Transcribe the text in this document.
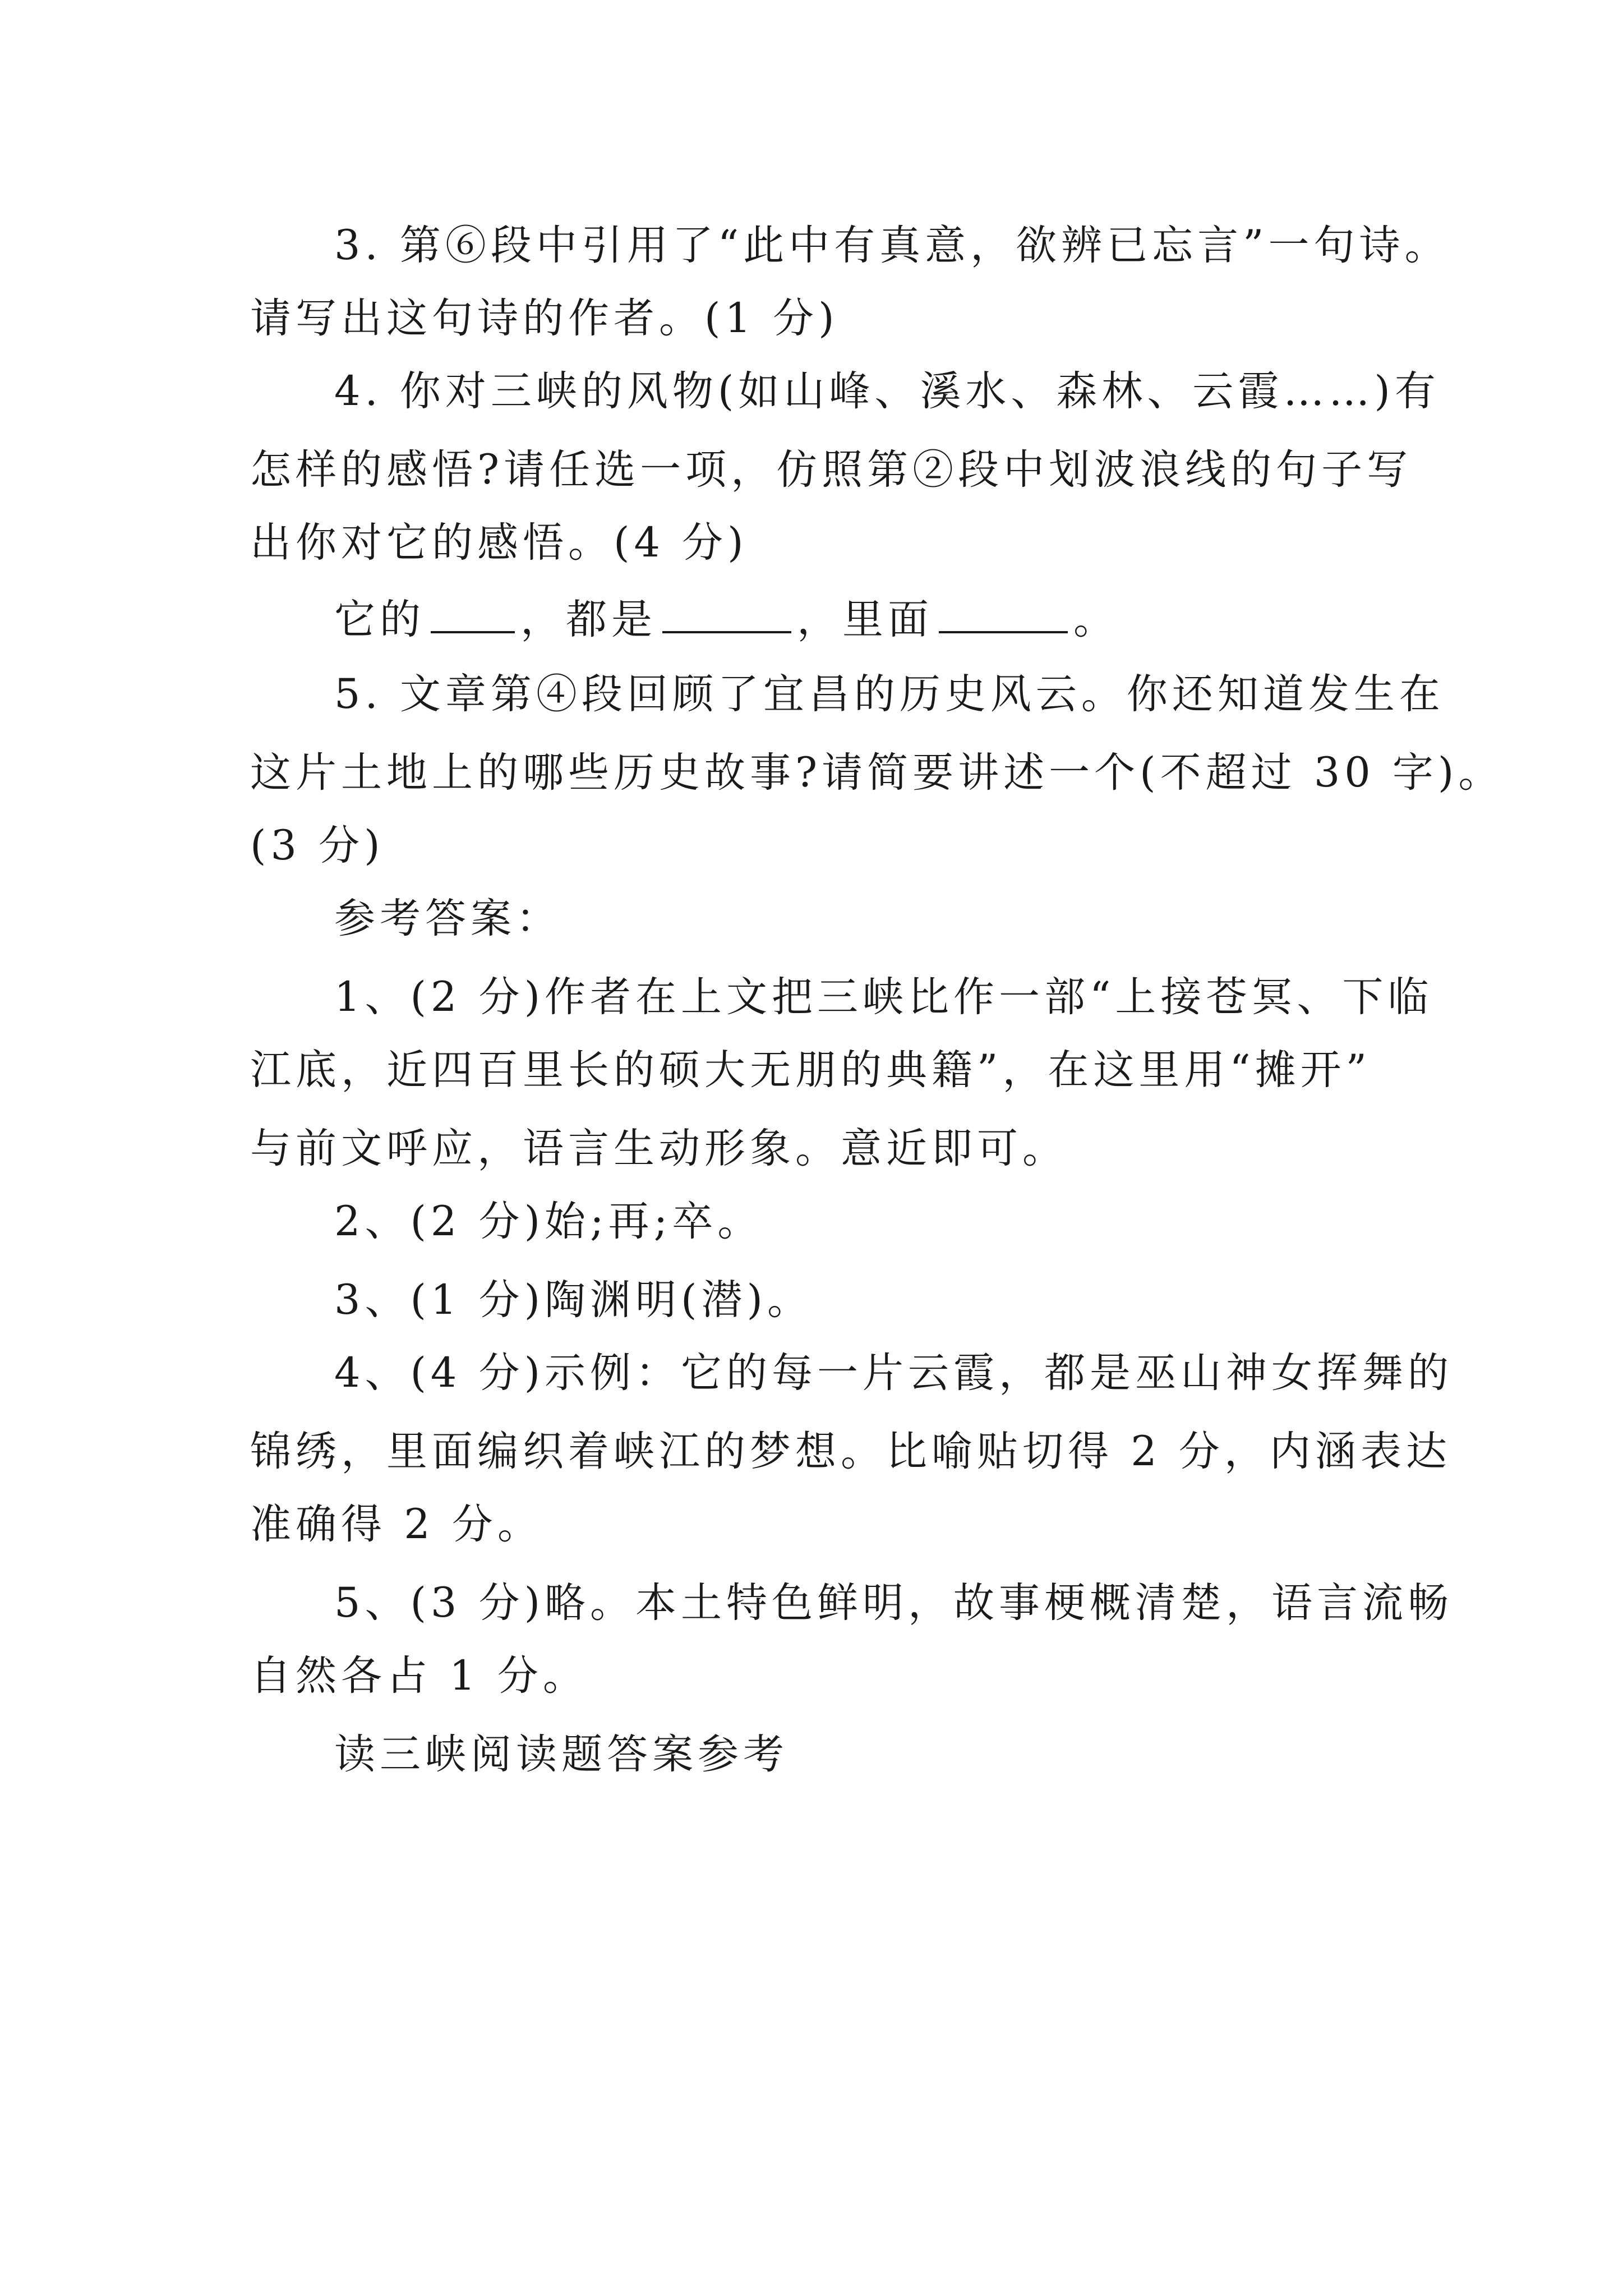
3. 第⑥段中引用了“此中有真意，欲辨已忘言”一句诗。
请写出这句诗的作者。(1 分)
4. 你对三峡的风物(如山峰、溪水、森林、云霞……)有
怎样的感悟?请任选一项，仿照第②段中划波浪线的句子写
出你对它的感悟。(4 分)
它的 ，都是	，里面	。
5. 文章第④段回顾了宜昌的历史风云。你还知道发生在
这片土地上的哪些历史故事?请简要讲述一个(不超过 30 字)。
(3 分)
参考答案：
1、(2 分)作者在上文把三峡比作一部“上接苍冥、下临
江底，近四百里长的硕大无朋的典籍”，在这里用“摊开”
与前文呼应，语言生动形象。意近即可。
2、(2 分)始;再;卒。
3、(1 分)陶渊明(潜)。
4、(4 分)示例：它的每一片云霞，都是巫山神女挥舞的
锦绣，里面编织着峡江的梦想。比喻贴切得 2 分，内涵表达
准确得 2 分。
5、(3 分)略。本土特色鲜明，故事梗概清楚，语言流畅
自然各占 1 分。
读三峡阅读题答案参考
